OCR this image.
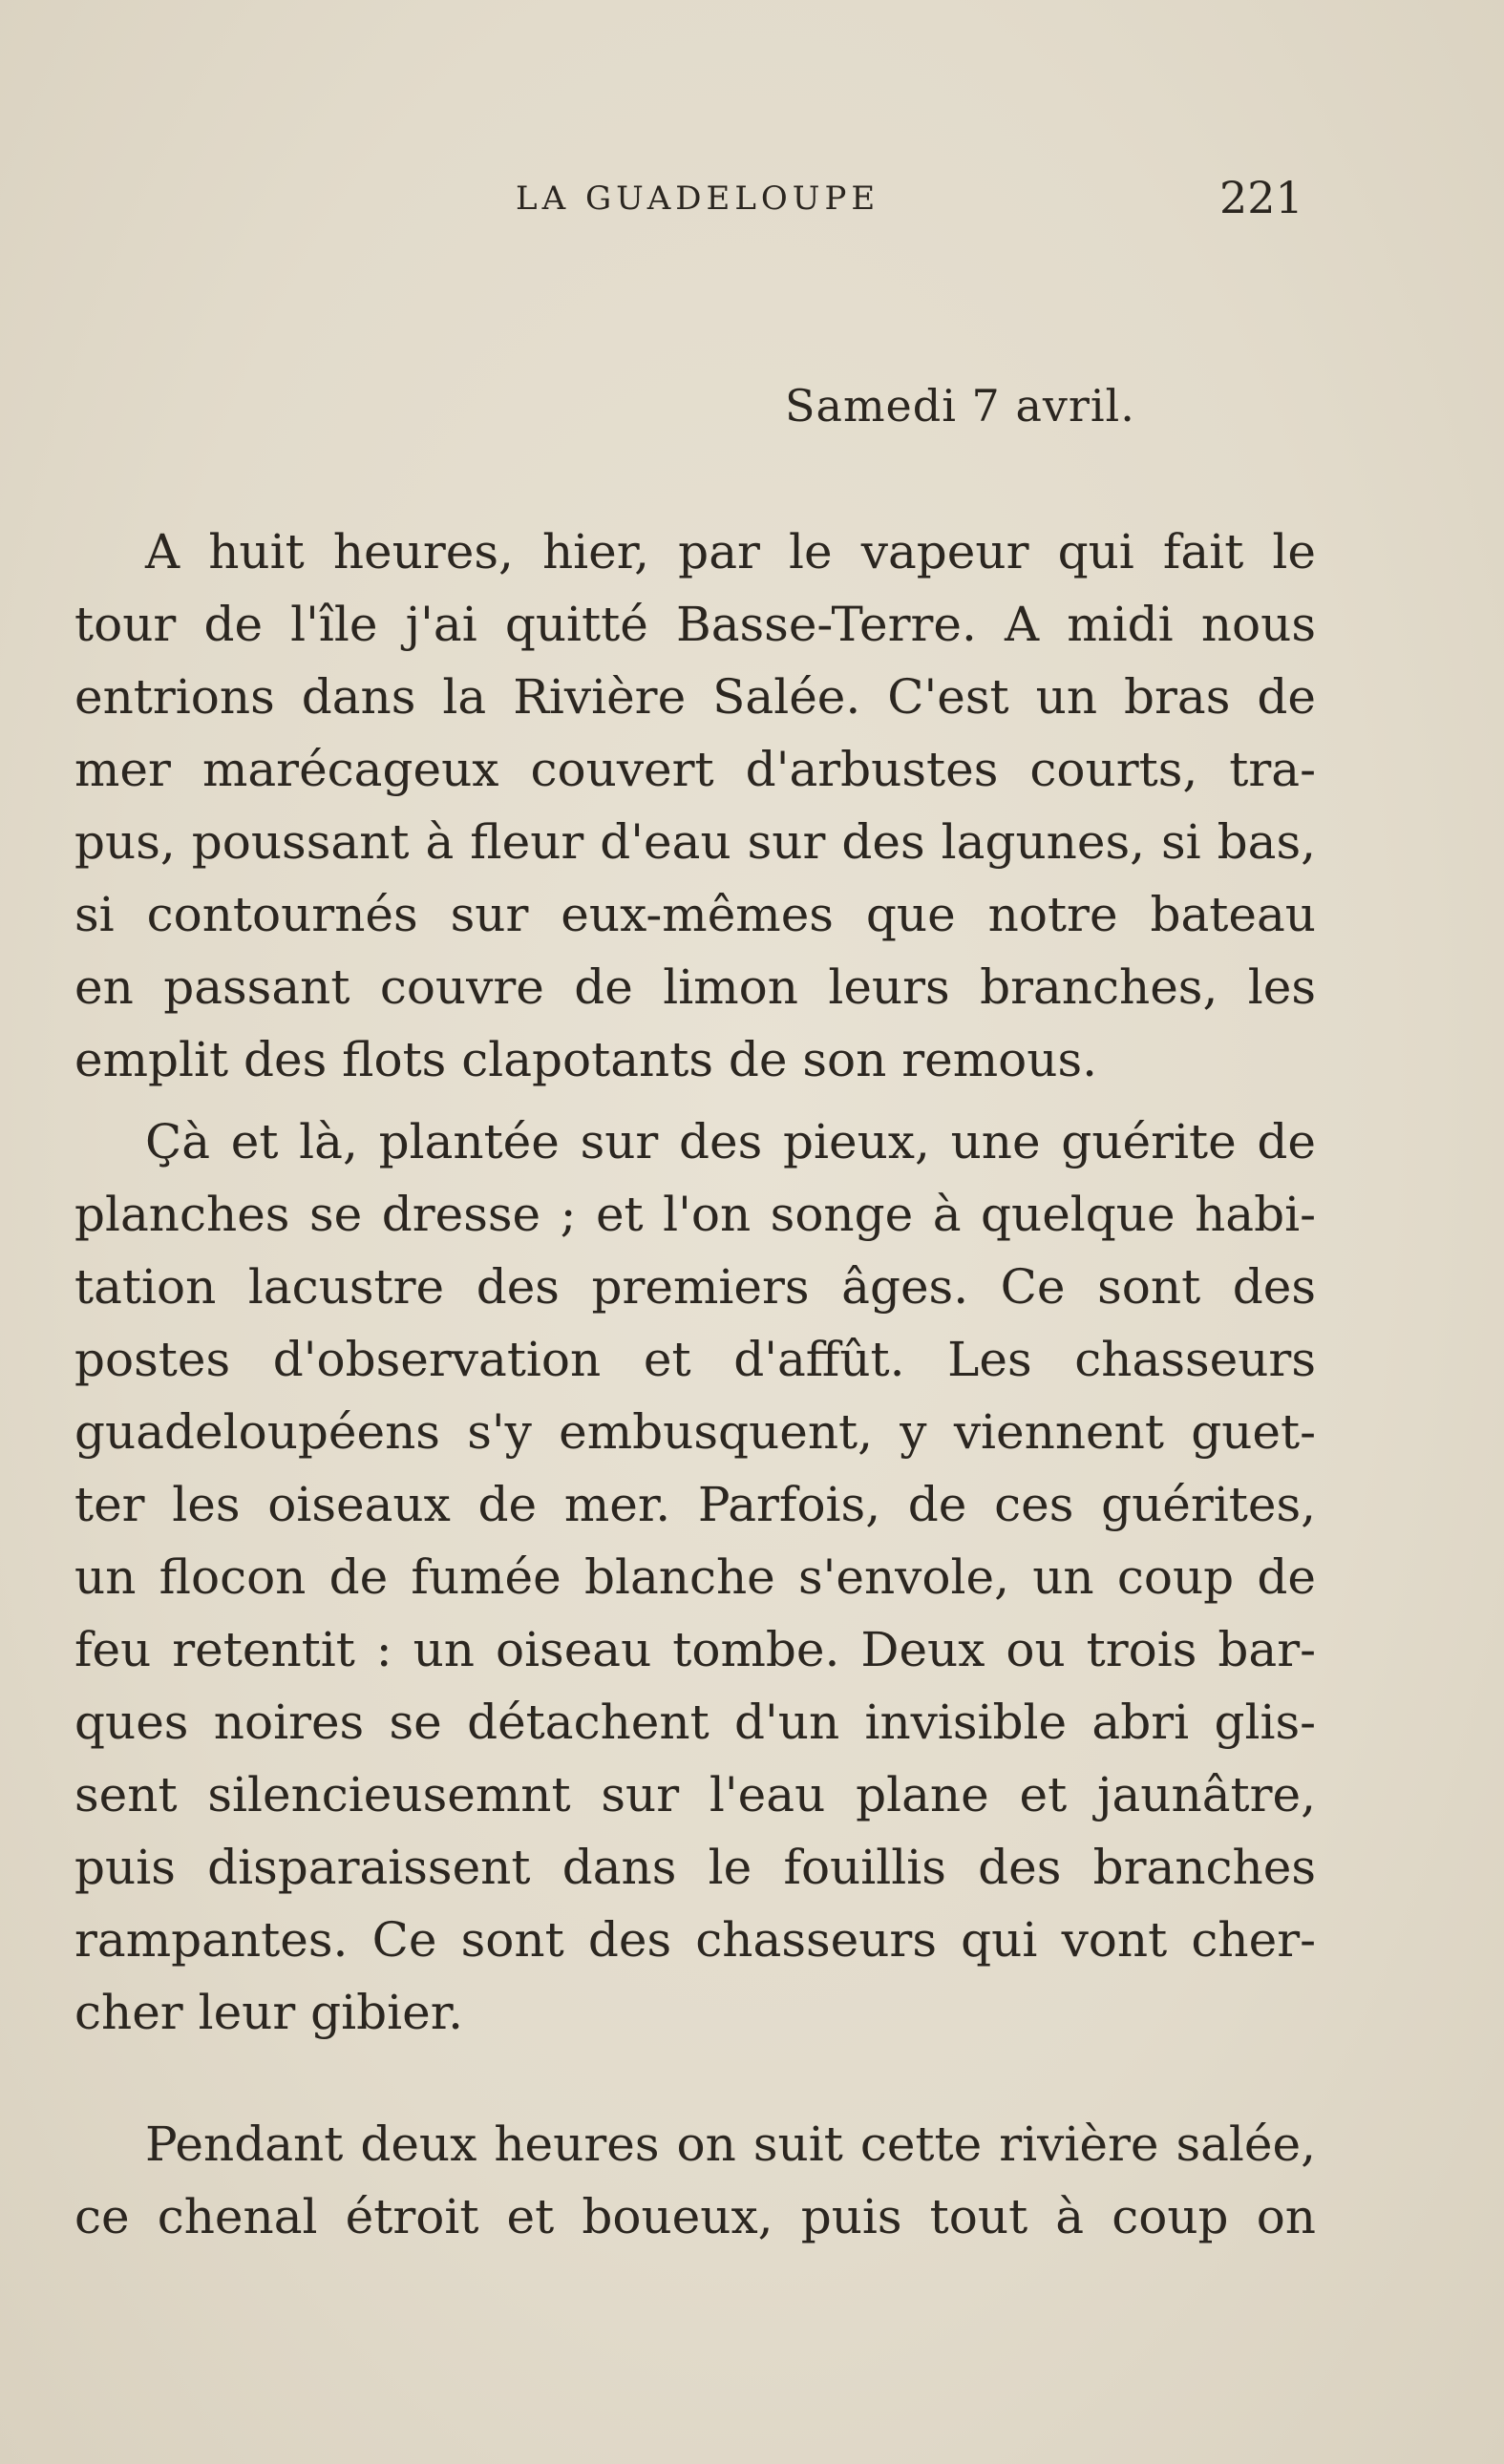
LA GUADELOUPE	221
Samedi 7 avril.
A huit heures, hier, par le vapeur qui fait le
tour de l'île j'ai quitté Basse-Terre. A midi nous
entrions dans la Rivière Salée. C'est un bras de
mer marécageux couvert d'arbustes courts, tra-
pus, poussant à fleur d'eau sur des lagunes, si bas,
si contournés sur eux-mêmes que notre bateau
en passant couvre de limon leurs branches, les
emplit des flots clapotants de son remous.
Çà et là, plantée sur des pieux, une guérite de
planches se dresse ; et l'on songe à quelque habi-
tation lacustre des premiers âges. Ce sont des
postes d'observation et d'affût. Les chasseurs
guadeloupéens s'y embusquent, y viennent guet-
ter les oiseaux de mer. Parfois, de ces guérites,
un flocon de fumée blanche s'envole, un coup de
feu retentit : un oiseau tombe. Deux ou trois bar-
ques noires se détachent d'un invisible abri glis-
sent silencieusemnt sur l'eau plane et jaunâtre,
puis disparaissent dans le fouillis des branches
rampantes. Ce sont des chasseurs qui vont cher-
cher leur gibier.
Pendant deux heures on suit cette rivière salée,
ce chenal étroit et boueux, puis tout à coup on
